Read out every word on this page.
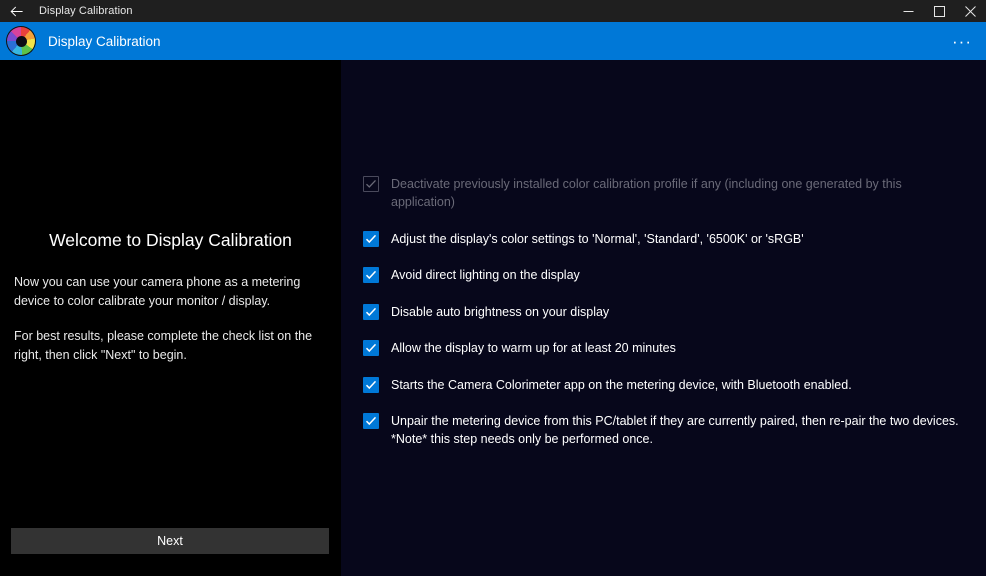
Display Calibration
Display Calibration	···
Welcome to Display Calibration

Now you can use your camera phone as a metering device to color calibrate your monitor / display.

For best results, please complete the check list on the right, then click "Next" to begin.

Next
Deactivate previously installed color calibration profile if any (including one generated by this application)
Adjust the display's color settings to 'Normal', 'Standard', '6500K' or 'sRGB'
Avoid direct lighting on the display
Disable auto brightness on your display
Allow the display to warm up for at least 20 minutes
Starts the Camera Colorimeter app on the metering device, with Bluetooth enabled.
Unpair the metering device from this PC/tablet if they are currently paired, then re-pair the two devices. *Note* this step needs only be performed once.
